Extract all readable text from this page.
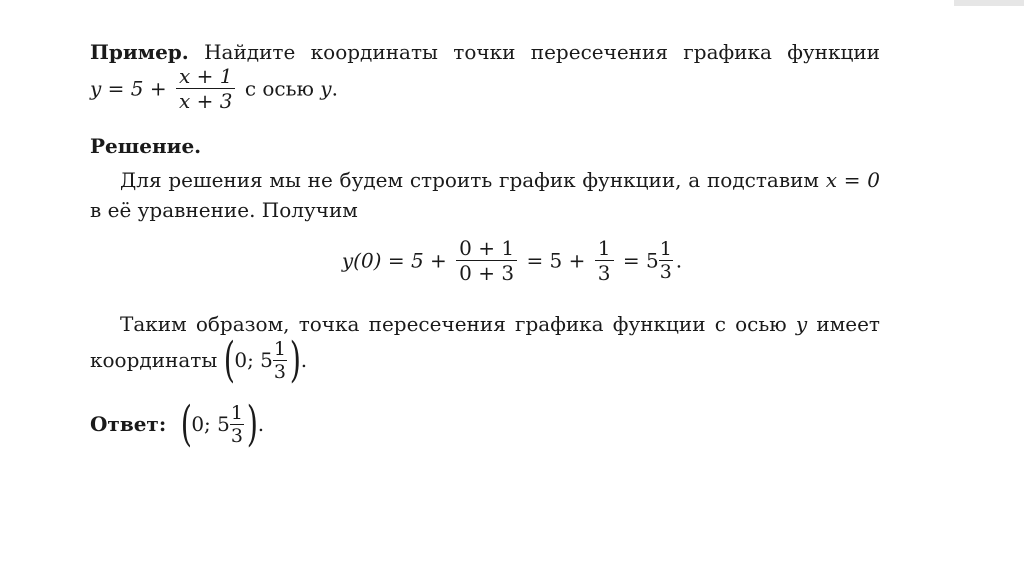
Пример. Найдите координаты точки пересечения графика функции
$y = 5 + \frac{x + 1}{x + 3}$ с осью y.
Решение.
Для решения мы не будем строить график функции, а подставим x = 0
в её уравнение. Получим
$y(0) = 5 + \frac{0 + 1}{0 + 3} = 5 + \frac{1}{3} = 5 \frac{1}{3}$ .
Таким образом, точка пересечения графика функции с осью y имеет
координаты (0; $5 \frac{1}{3}$ ).
Ответ: (0; $5 \frac{1}{3}$ ).
